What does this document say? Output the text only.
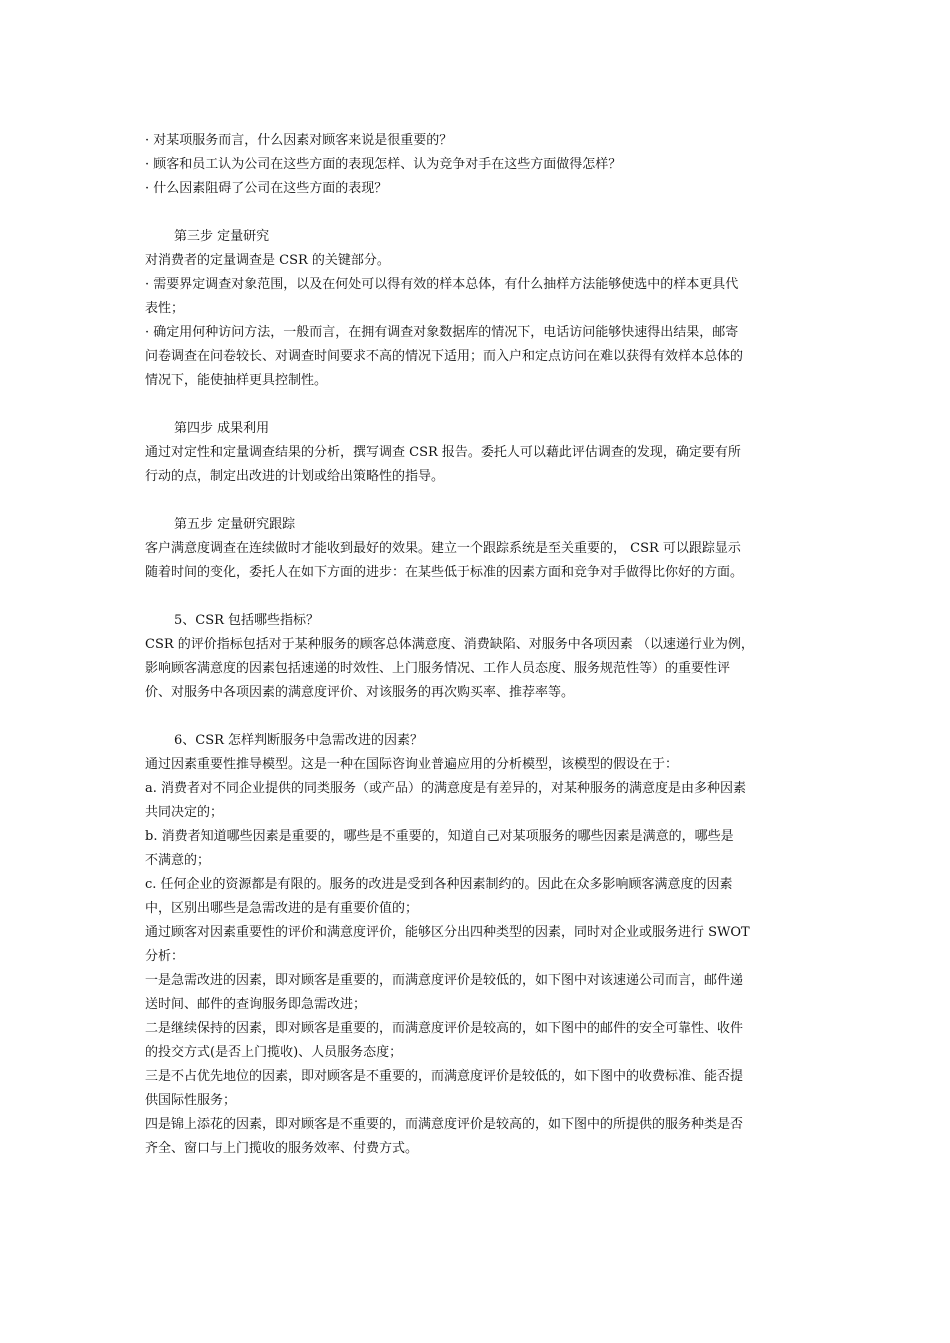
· 对某项服务而言，什么因素对顾客来说是很重要的？
· 顾客和员工认为公司在这些方面的表现怎样、认为竞争对手在这些方面做得怎样？
· 什么因素阻碍了公司在这些方面的表现？
第三步 定量研究
对消费者的定量调查是 CSR 的关键部分。
· 需要界定调查对象范围，以及在何处可以得有效的样本总体，有什么抽样方法能够使选中的样本更具代
表性；
· 确定用何种访问方法，一般而言，在拥有调查对象数据库的情况下，电话访问能够快速得出结果，邮寄
问卷调查在问卷较长、对调查时间要求不高的情况下适用；而入户和定点访问在难以获得有效样本总体的
情况下，能使抽样更具控制性。
第四步 成果利用
通过对定性和定量调查结果的分析，撰写调查 CSR 报告。委托人可以藉此评估调查的发现，确定要有所
行动的点，制定出改进的计划或给出策略性的指导。
第五步 定量研究跟踪
客户满意度调查在连续做时才能收到最好的效果。建立一个跟踪系统是至关重要的， CSR 可以跟踪显示
随着时间的变化，委托人在如下方面的进步：在某些低于标准的因素方面和竞争对手做得比你好的方面。
5、CSR 包括哪些指标？
CSR 的评价指标包括对于某种服务的顾客总体满意度、消费缺陷、对服务中各项因素 （以速递行业为例，
影响顾客满意度的因素包括速递的时效性、上门服务情况、工作人员态度、服务规范性等）的重要性评
价、对服务中各项因素的满意度评价、对该服务的再次购买率、推荐率等。
6、CSR 怎样判断服务中急需改进的因素？
通过因素重要性推导模型。这是一种在国际咨询业普遍应用的分析模型，该模型的假设在于：
a. 消费者对不同企业提供的同类服务（或产品）的满意度是有差异的，对某种服务的满意度是由多种因素
共同决定的；
b. 消费者知道哪些因素是重要的，哪些是不重要的，知道自己对某项服务的哪些因素是满意的，哪些是
不满意的；
c. 任何企业的资源都是有限的。服务的改进是受到各种因素制约的。因此在众多影响顾客满意度的因素
中，区别出哪些是急需改进的是有重要价值的；
通过顾客对因素重要性的评价和满意度评价，能够区分出四种类型的因素，同时对企业或服务进行 SWOT
分析：
一是急需改进的因素，即对顾客是重要的，而满意度评价是较低的，如下图中对该速递公司而言，邮件递
送时间、邮件的查询服务即急需改进；
二是继续保持的因素，即对顾客是重要的，而满意度评价是较高的，如下图中的邮件的安全可靠性、收件
的投交方式(是否上门揽收)、人员服务态度；
三是不占优先地位的因素，即对顾客是不重要的，而满意度评价是较低的，如下图中的收费标准、能否提
供国际性服务；
四是锦上添花的因素，即对顾客是不重要的，而满意度评价是较高的，如下图中的所提供的服务种类是否
齐全、窗口与上门揽收的服务效率、付费方式。
